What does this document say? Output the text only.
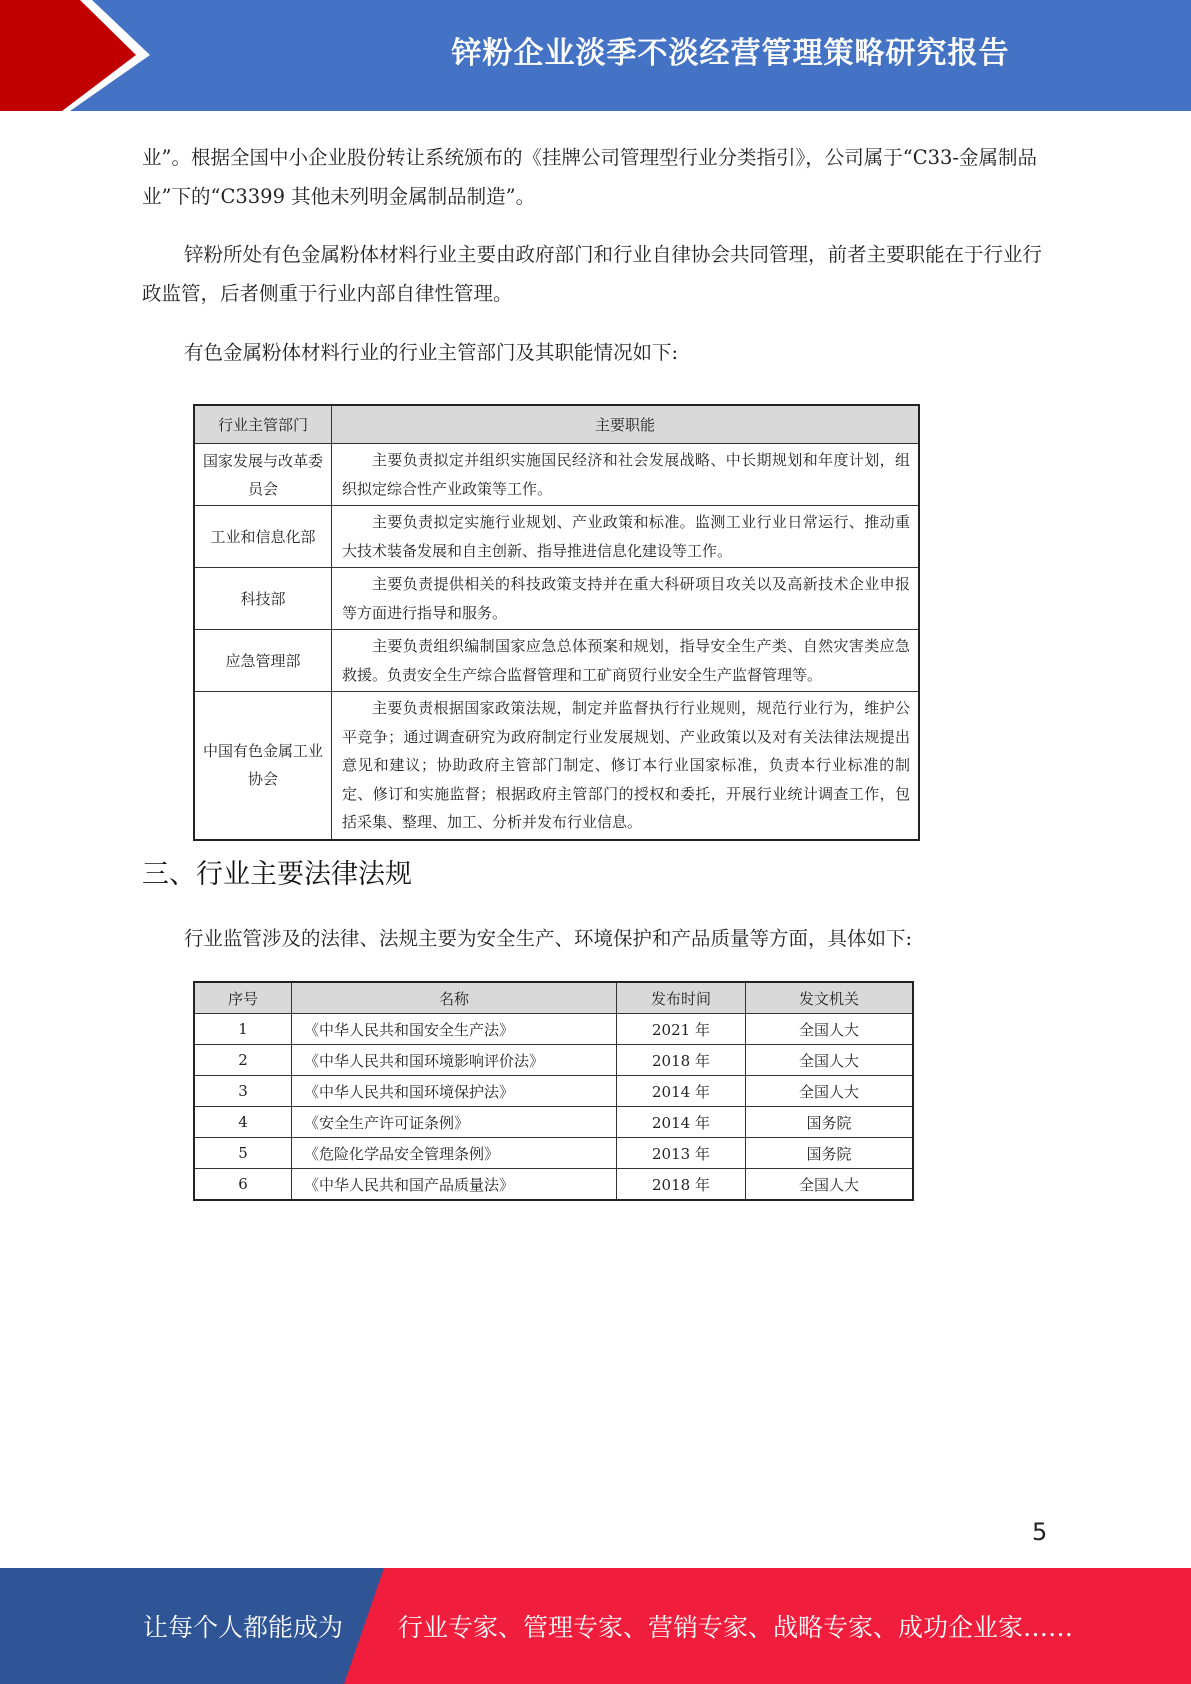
锌粉企业淡季不淡经营管理策略研究报告

业”。根据全国中小企业股份转让系统颁布的《挂牌公司管理型行业分类指引》，公司属于“C33-金属制品业”下的“C3399 其他未列明金属制品制造”。

锌粉所处有色金属粉体材料行业主要由政府部门和行业自律协会共同管理，前者主要职能在于行业行政监管，后者侧重于行业内部自律性管理。

有色金属粉体材料行业的行业主管部门及其职能情况如下:

行业主管部门	主要职能
国家发展与改革委员会	主要负责拟定并组织实施国民经济和社会发展战略、中长期规划和年度计划，组织拟定综合性产业政策等工作。
工业和信息化部	主要负责拟定实施行业规划、产业政策和标准。监测工业行业日常运行、推动重大技术装备发展和自主创新、指导推进信息化建设等工作。
科技部	主要负责提供相关的科技政策支持并在重大科研项目攻关以及高新技术企业申报等方面进行指导和服务。
应急管理部	主要负责组织编制国家应急总体预案和规划，指导安全生产类、自然灾害类应急救援。负责安全生产综合监督管理和工矿商贸行业安全生产监督管理等。
中国有色金属工业协会	主要负责根据国家政策法规，制定并监督执行行业规则，规范行业行为，维护公平竞争；通过调查研究为政府制定行业发展规划、产业政策以及对有关法律法规提出意见和建议；协助政府主管部门制定、修订本行业国家标准，负责本行业标准的制定、修订和实施监督；根据政府主管部门的授权和委托，开展行业统计调查工作，包括采集、整理、加工、分析并发布行业信息。
三、行业主要法律法规

行业监管涉及的法律、法规主要为安全生产、环境保护和产品质量等方面，具体如下:

序号	名称	发布时间	发文机关
1	《中华人民共和国安全生产法》	2021 年	全国人大
2	《中华人民共和国环境影响评价法》	2018 年	全国人大
3	《中华人民共和国环境保护法》	2014 年	全国人大
4	《安全生产许可证条例》	2014 年	国务院
5	《危险化学品安全管理条例》	2013 年	国务院
6	《中华人民共和国产品质量法》	2018 年	全国人大
5
让每个人都能成为 行业专家、管理专家、营销专家、战略专家、成功企业家……
